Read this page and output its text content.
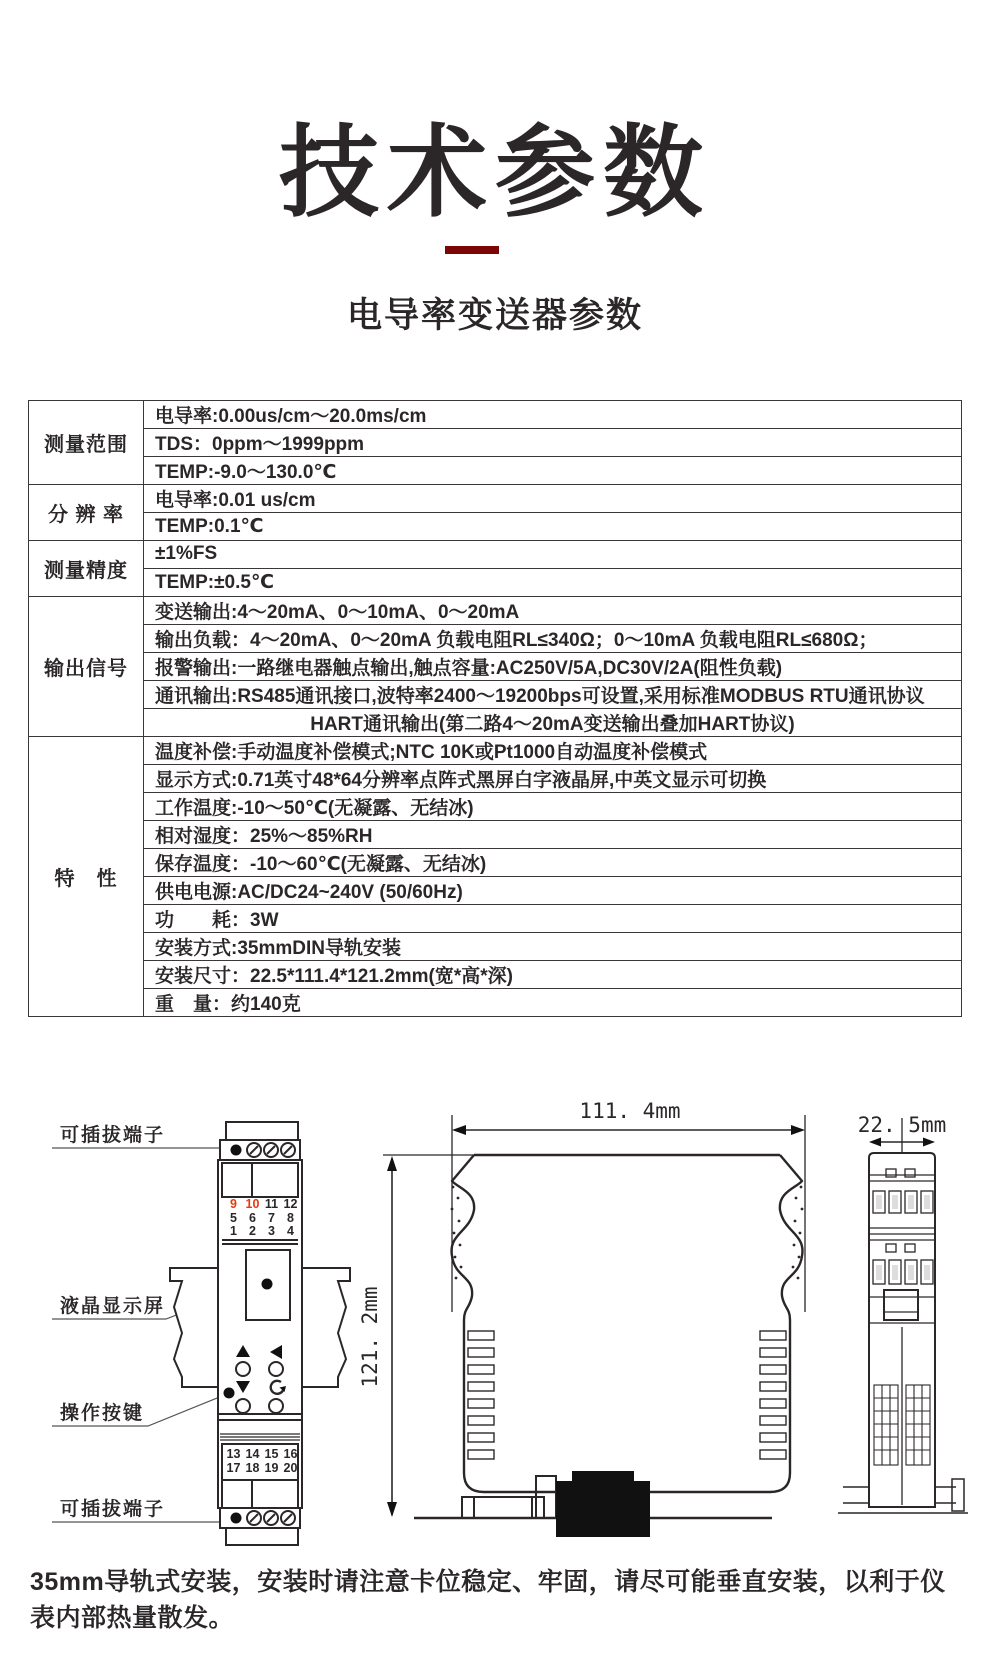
技术参数
电导率变送器参数
测量范围	电导率:0.00us/cm～20.0ms/cm
	TDS：0ppm～1999ppm
	TEMP:-9.0～130.0℃
分 辨 率	电导率:0.01 us/cm
	TEMP:0.1℃
测量精度	±1%FS
	TEMP:±0.5℃
输出信号	变送输出:4～20mA、0～10mA、0～20mA
	输出负载：4～20mA、0～20mA 负载电阻RL≤340Ω；0～10mA 负载电阻RL≤680Ω；
	报警输出:一路继电器触点输出,触点容量:AC250V/5A,DC30V/2A(阻性负载)
	通讯输出:RS485通讯接口,波特率2400～19200bps可设置,采用标准MODBUS RTU通讯协议
	HART通讯输出(第二路4～20mA变送输出叠加HART协议)
特　性	温度补偿:手动温度补偿模式;NTC 10K或Pt1000自动温度补偿模式
	显示方式:0.71英寸48*64分辨率点阵式黑屏白字液晶屏,中英文显示可切换
	工作温度:-10～50℃(无凝露、无结冰)
	相对湿度：25%～85%RH
	保存温度：-10～60℃(无凝露、无结冰)
	供电电源:AC/DC24~240V (50/60Hz)
	功　　耗：3W
	安装方式:35mmDIN导轨安装
	安装尺寸：22.5*111.4*121.2mm(宽*高*深)
	重　量：约140克
可插拔端子
液晶显示屏
操作按键
可插拔端子
111. 4mm
121. 2mm
22. 5mm
9 10 11 12
5 6 7 8
1 2 3 4
13 14 15 16
17 18 19 20
35mm导轨式安装，安装时请注意卡位稳定、牢固，请尽可能垂直安装，以利于仪表内部热量散发。
